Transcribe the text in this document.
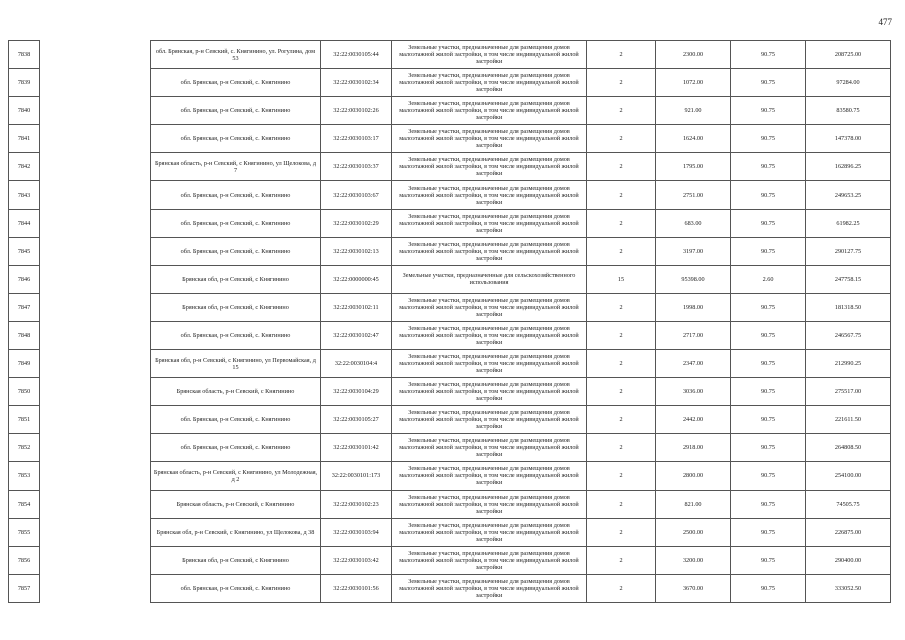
477
7838		обл. Брянская, р-н Севский, с. Княгинино, ул. Рогулина, дом 53	32:22:0030105:44	Земельные участки, предназначенные для размещения домов малоэтажной жилой застройки, в том числе индивидуальной жилой застройки	2	2300.00	90.75	208725.00
7839		обл. Брянская, р-н Севский, с. Княгинино	32:22:0030102:34	Земельные участки, предназначенные для размещения домов малоэтажной жилой застройки, в том числе индивидуальной жилой застройки	2	1072.00	90.75	97284.00
7840		обл. Брянская, р-н Севский, с. Княгинино	32:22:0030102:26	Земельные участки, предназначенные для размещения домов малоэтажной жилой застройки, в том числе индивидуальной жилой застройки	2	921.00	90.75	83580.75
7841		обл. Брянская, р-н Севский, с. Княгинино	32:22:0030103:17	Земельные участки, предназначенные для размещения домов малоэтажной жилой застройки, в том числе индивидуальной жилой застройки	2	1624.00	90.75	147378.00
7842		Брянская область, р-н Севский, с Княгинино, ул Щелокова, д 7	32:22:0030103:37	Земельные участки, предназначенные для размещения домов малоэтажной жилой застройки, в том числе индивидуальной жилой застройки	2	1795.00	90.75	162896.25
7843		обл. Брянская, р-н Севский, с. Княгинино	32:22:0030103:67	Земельные участки, предназначенные для размещения домов малоэтажной жилой застройки, в том числе индивидуальной жилой застройки	2	2751.00	90.75	249653.25
7844		обл. Брянская, р-н Севский, с. Княгинино	32:22:0030102:29	Земельные участки, предназначенные для размещения домов малоэтажной жилой застройки, в том числе индивидуальной жилой застройки	2	683.00	90.75	61982.25
7845		обл. Брянская, р-н Севский, с. Княгинино	32:22:0030102:13	Земельные участки, предназначенные для размещения домов малоэтажной жилой застройки, в том числе индивидуальной жилой застройки	2	3197.00	90.75	290127.75
7846		Брянская обл, р-н Севский, с Княгинино	32:22:0000000:45	Земельные участки, предназначенные для сельскохозяйственного использования	15	95398.00	2.60	247758.15
7847		Брянская обл, р-н Севский, с Княгинино	32:22:0030102:11	Земельные участки, предназначенные для размещения домов малоэтажной жилой застройки, в том числе индивидуальной жилой застройки	2	1998.00	90.75	181318.50
7848		обл. Брянская, р-н Севский, с. Княгинино	32:22:0030102:47	Земельные участки, предназначенные для размещения домов малоэтажной жилой застройки, в том числе индивидуальной жилой застройки	2	2717.00	90.75	246567.75
7849		Брянская обл, р-н Севский, с Княгинино, ул Первомайская, д 15	32:22:0030104:4	Земельные участки, предназначенные для размещения домов малоэтажной жилой застройки, в том числе индивидуальной жилой застройки	2	2347.00	90.75	212990.25
7850		Брянская область, р-н Севский, с Княгинино	32:22:0030104:29	Земельные участки, предназначенные для размещения домов малоэтажной жилой застройки, в том числе индивидуальной жилой застройки	2	3036.00	90.75	275517.00
7851		обл. Брянская, р-н Севский, с. Княгинино	32:22:0030105:27	Земельные участки, предназначенные для размещения домов малоэтажной жилой застройки, в том числе индивидуальной жилой застройки	2	2442.00	90.75	221611.50
7852		обл. Брянская, р-н Севский, с. Княгинино	32:22:0030101:42	Земельные участки, предназначенные для размещения домов малоэтажной жилой застройки, в том числе индивидуальной жилой застройки	2	2918.00	90.75	264808.50
7853		Брянская область, р-н Севский, с Княгинино, ул Молодежная, д 2	32:22:0030101:173	Земельные участки, предназначенные для размещения домов малоэтажной жилой застройки, в том числе индивидуальной жилой застройки	2	2800.00	90.75	254100.00
7854		Брянская область, р-н Севский, с Княгинино	32:22:0030102:23	Земельные участки, предназначенные для размещения домов малоэтажной жилой застройки, в том числе индивидуальной жилой застройки	2	821.00	90.75	74505.75
7855		Брянская обл, р-н Севский, с Княгинино, ул Щелокова, д 38	32:22:0030103:94	Земельные участки, предназначенные для размещения домов малоэтажной жилой застройки, в том числе индивидуальной жилой застройки	2	2500.00	90.75	226875.00
7856		Брянская обл, р-н Севский, с Княгинино	32:22:0030103:42	Земельные участки, предназначенные для размещения домов малоэтажной жилой застройки, в том числе индивидуальной жилой застройки	2	3200.00	90.75	290400.00
7857		обл. Брянская, р-н Севский, с. Княгинино	32:22:0030101:56	Земельные участки, предназначенные для размещения домов малоэтажной жилой застройки, в том числе индивидуальной жилой застройки	2	3670.00	90.75	333052.50
